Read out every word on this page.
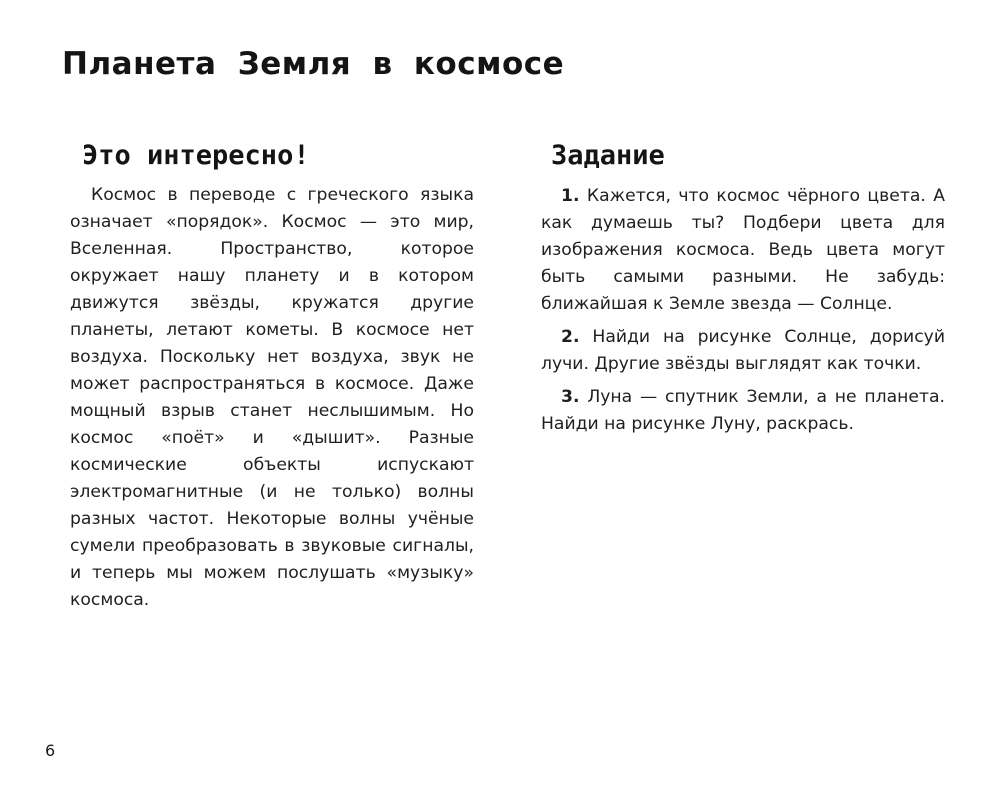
Планета Земля в космосе
Это интересно!

Космос в переводе с греческого языка означает «порядок». Космос — это мир, Вселенная. Пространство, которое окружает нашу планету и в котором движутся звёзды, кружатся другие планеты, летают кометы. В космосе нет воздуха. Поскольку нет воздуха, звук не может распространяться в космосе. Даже мощный взрыв станет неслышимым. Но космос «поёт» и «дышит». Разные космические объекты испускают электромагнитные (и не только) волны разных частот. Некоторые волны учёные сумели преобразовать в звуковые сигналы, и теперь мы можем послушать «музыку» космоса.

Задание

1. Кажется, что космос чёрного цвета. А как думаешь ты? Подбери цвета для изображения космоса. Ведь цвета могут быть самыми разными. Не забудь: ближайшая к Земле звезда — Солнце.

2. Найди на рисунке Солнце, дорисуй лучи. Другие звёзды выглядят как точки.

3. Луна — спутник Земли, а не планета. Найди на рисунке Луну, раскрась.

6
